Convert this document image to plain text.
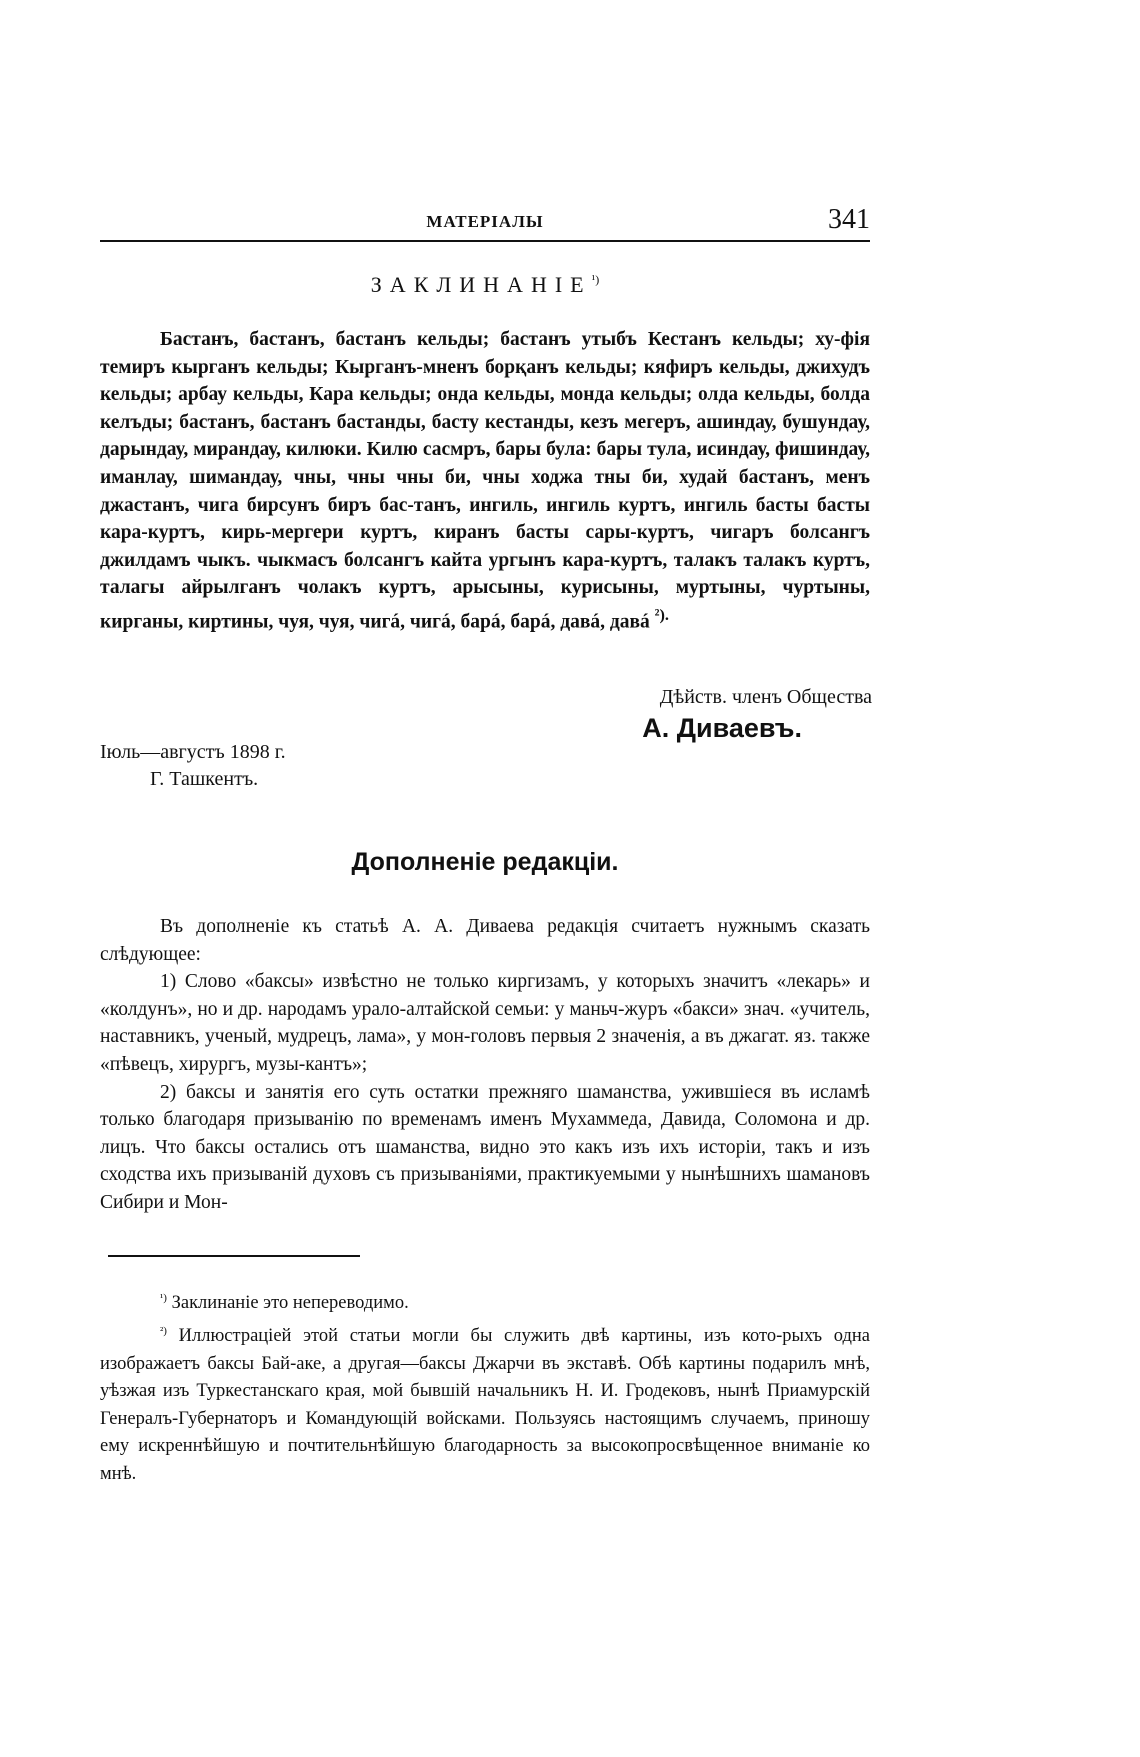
МАТЕРІАЛЫ	341
$ЗАКЛИНАНІЕ^{^1)}$

Бастанъ, бастанъ, бастанъ кельды; бастанъ утыбъ Кестанъ кельды; ху-фія темиръ кырганъ кельды; Кырганъ-мненъ борқанъ кельды; кяфиръ кельды, джихудъ кельды; арбау кельды, Кара кельды; онда кельды, монда кельды; олда кельды, болда келъды; бастанъ, бастанъ бастанды, басту кестанды, кезъ мегеръ, ашиндау, бушундау, дарындау, мирандау, килюки. Килю сасмръ, бары була: бары тула, исиндау, фишиндау, иманлау, шимандау, чны, чны чны би, чны ходжа тны би, худай бастанъ, менъ джастанъ, чига бирсунъ биръ бас-танъ, ингиль, ингиль куртъ, ингиль басты басты кара-куртъ, кирь-мергери куртъ, киранъ басты сары-куртъ, чигаръ болсангъ джилдамъ чыкъ. чыкмасъ болсангъ кайта ургынъ кара-куртъ, талакъ талакъ куртъ, талагы айрылганъ чолакъ куртъ, арысыны, курисыны, муртыны, чуртыны, кирганы, киртины, чуя, чуя, чигá, чигá, барá, барá, давá, давá $^{^2).}$

Дѣйств. членъ Общества
А. Диваевъ.
Іюль—августъ 1898 г.
Г. Ташкентъ.
Дополненіе редакціи.

Въ дополненіе къ статьѣ А. А. Диваева редакція считаетъ нужнымъ сказать слѣдующее:

1) Слово «баксы» извѣстно не только киргизамъ, у которыхъ значитъ «лекарь» и «колдунъ», но и др. народамъ урало-алтайской семьи: у маньч-журъ «бакси» знач. «учитель, наставникъ, ученый, мудрецъ, лама», у мон-головъ первыя 2 значенія, а въ джагат. яз. также «пѣвецъ, хирургъ, музы-кантъ»;

2) баксы и занятія его суть остатки прежняго шаманства, ужившіеся въ исламѣ только благодаря призыванію по временамъ именъ Мухаммеда, Давида, Соломона и др. лицъ. Что баксы остались отъ шаманства, видно это какъ изъ ихъ исторіи, такъ и изъ сходства ихъ призываній духовъ съ призываніями, практикуемыми у нынѣшнихъ шамановъ Сибири и Мон-

$^{^1)}$ Заклинаніе это непереводимо.

$^{^2)}$ Иллюстраціей этой статьи могли бы служить двѣ картины, изъ кото-рыхъ одна изображаетъ баксы Бай-аке, а другая—баксы Джарчи въ экставѣ. Обѣ картины подарилъ мнѣ, уѣзжая изъ Туркестанскаго края, мой бывшій начальникъ Н. И. Гродековъ, нынѣ Приамурскій Генералъ-Губернаторъ и Командующій войсками. Пользуясь настоящимъ случаемъ, приношу ему искреннѣйшую и почтительнѣйшую благодарность за высокопросвѣщенное вниманіе ко мнѣ.
